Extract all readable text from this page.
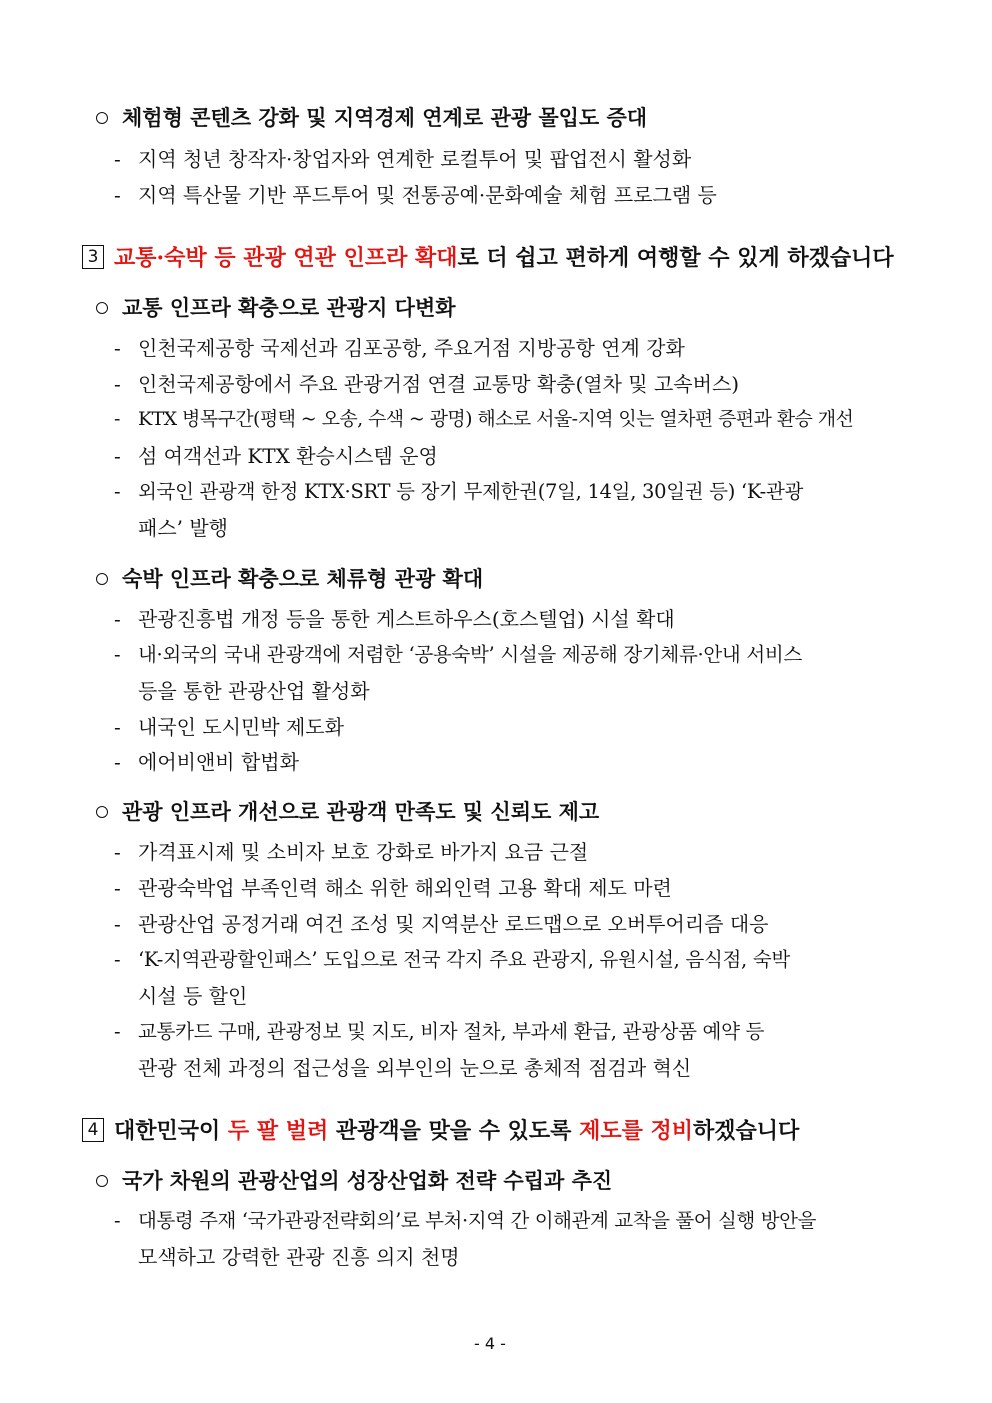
체험형 콘텐츠 강화 및 지역경제 연계로 관광 몰입도 증대
- 지역 청년 창작자·창업자와 연계한 로컬투어 및 팝업전시 활성화
- 지역 특산물 기반 푸드투어 및 전통공예·문화예술 체험 프로그램 등
3 교통·숙박 등 관광 연관 인프라 확대로 더 쉽고 편하게 여행할 수 있게 하겠습니다
교통 인프라 확충으로 관광지 다변화
- 인천국제공항 국제선과 김포공항, 주요거점 지방공항 연계 강화
- 인천국제공항에서 주요 관광거점 연결 교통망 확충(열차 및 고속버스)
- KTX 병목구간(평택 ~ 오송, 수색 ~ 광명) 해소로 서울-지역 잇는 열차편 증편과 환승 개선
- 섬 여객선과 KTX 환승시스템 운영
- 외국인 관광객 한정 KTX·SRT 등 장기 무제한권(7일, 14일, 30일권 등) ‘K-관광
패스’ 발행
숙박 인프라 확충으로 체류형 관광 확대
- 관광진흥법 개정 등을 통한 게스트하우스(호스텔업) 시설 확대
- 내·외국의 국내 관광객에 저렴한 ‘공용숙박’ 시설을 제공해 장기체류·안내 서비스
등을 통한 관광산업 활성화
- 내국인 도시민박 제도화
- 에어비앤비 합법화
관광 인프라 개선으로 관광객 만족도 및 신뢰도 제고
- 가격표시제 및 소비자 보호 강화로 바가지 요금 근절
- 관광숙박업 부족인력 해소 위한 해외인력 고용 확대 제도 마련
- 관광산업 공정거래 여건 조성 및 지역분산 로드맵으로 오버투어리즘 대응
- ‘K-지역관광할인패스’ 도입으로 전국 각지 주요 관광지, 유원시설, 음식점, 숙박
시설 등 할인
- 교통카드 구매, 관광정보 및 지도, 비자 절차, 부과세 환급, 관광상품 예약 등
관광 전체 과정의 접근성을 외부인의 눈으로 총체적 점검과 혁신
4 대한민국이 두 팔 벌려 관광객을 맞을 수 있도록 제도를 정비하겠습니다
국가 차원의 관광산업의 성장산업화 전략 수립과 추진
- 대통령 주재 ‘국가관광전략회의’로 부처·지역 간 이해관계 교착을 풀어 실행 방안을
모색하고 강력한 관광 진흥 의지 천명
- 4 -
